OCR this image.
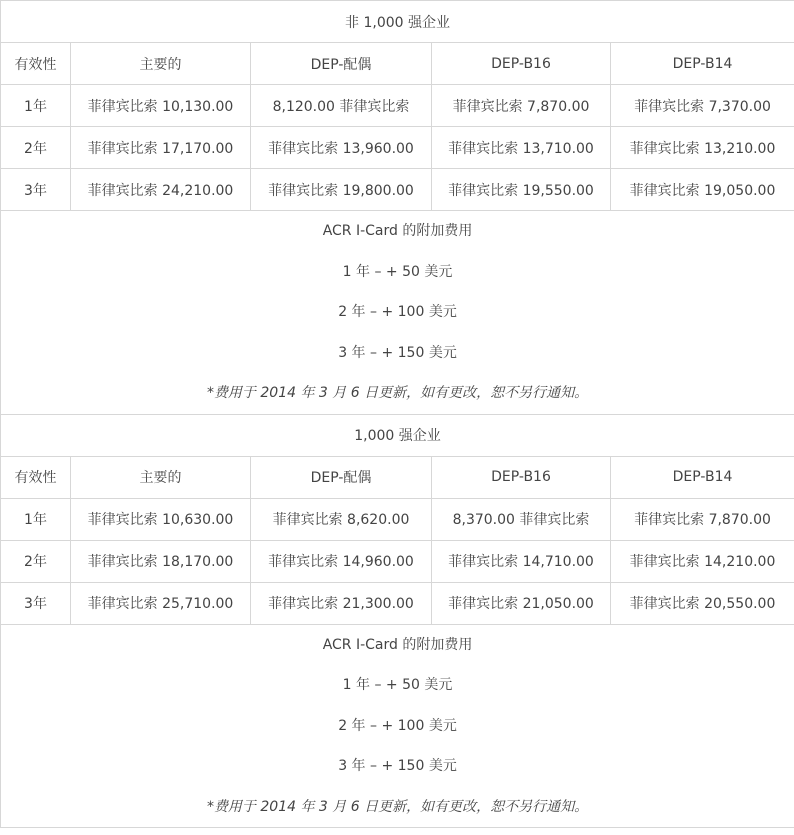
非 1,000 强企业				
有效性	主要的	DEP-配偶	DEP-B16	DEP-B14
1年	菲律宾比索 10,130.00	8,120.00 菲律宾比索	菲律宾比索 7,870.00	菲律宾比索 7,370.00
2年	菲律宾比索 17,170.00	菲律宾比索 13,960.00	菲律宾比索 13,710.00	菲律宾比索 13,210.00
3年	菲律宾比索 24,210.00	菲律宾比索 19,800.00	菲律宾比索 19,550.00	菲律宾比索 19,050.00

ACR I-Card 的附加费用
1 年 – + 50 美元
2 年 – + 100 美元
3 年 – + 150 美元
*费用于 2014 年 3 月 6 日更新，如有更改，恕不另行通知。				

1,000 强企业				
有效性	主要的	DEP-配偶	DEP-B16	DEP-B14
1年	菲律宾比索 10,630.00	菲律宾比索 8,620.00	8,370.00 菲律宾比索	菲律宾比索 7,870.00
2年	菲律宾比索 18,170.00	菲律宾比索 14,960.00	菲律宾比索 14,710.00	菲律宾比索 14,210.00
3年	菲律宾比索 25,710.00	菲律宾比索 21,300.00	菲律宾比索 21,050.00	菲律宾比索 20,550.00

ACR I-Card 的附加费用
1 年 – + 50 美元
2 年 – + 100 美元
3 年 – + 150 美元
*费用于 2014 年 3 月 6 日更新，如有更改，恕不另行通知。				
